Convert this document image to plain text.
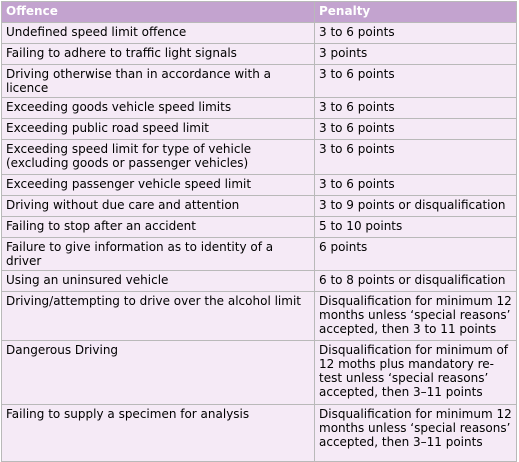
Offence	Penalty
Undefined speed limit offence	3 to 6 points
Failing to adhere to traffic light signals	3 points
Driving otherwise than in accordance with a licence	3 to 6 points
Exceeding goods vehicle speed limits	3 to 6 points
Exceeding public road speed limit	3 to 6 points
Exceeding speed limit for type of vehicle (excluding goods or passenger vehicles)	3 to 6 points
Exceeding passenger vehicle speed limit	3 to 6 points
Driving without due care and attention	3 to 9 points or disqualification
Failing to stop after an accident	5 to 10 points
Failure to give information as to identity of a driver	6 points
Using an uninsured vehicle	6 to 8 points or disqualification
Driving/attempting to drive over the alcohol limit	Disqualification for minimum 12 months unless ‘special reasons’ accepted, then 3 to 11 points
Dangerous Driving	Disqualification for minimum of 12 moths plus mandatory re-test unless ‘special reasons’ accepted, then 3–11 points
Failing to supply a specimen for analysis	Disqualification for minimum 12 months unless ‘special reasons’ accepted, then 3–11 points
